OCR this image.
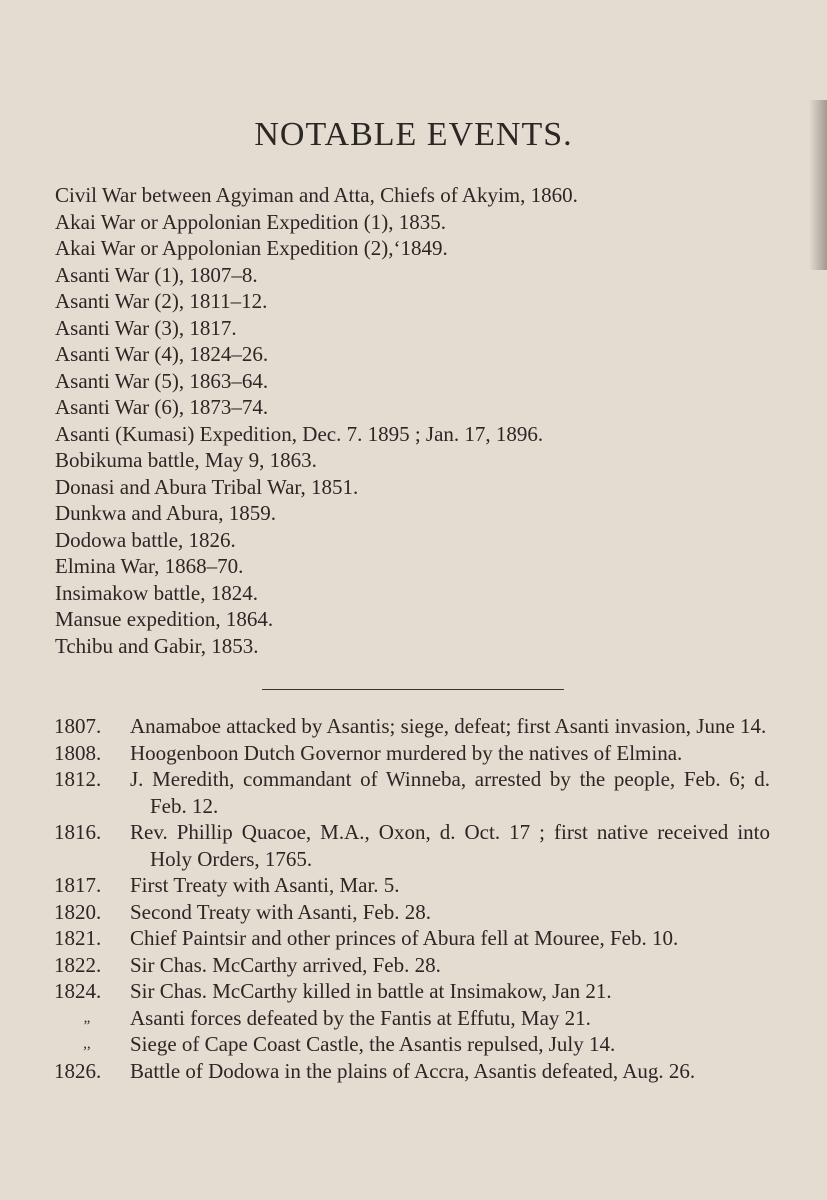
NOTABLE EVENTS.
Civil War between Agyiman and Atta, Chiefs of Akyim, 1860.
Akai War or Appolonian Expedition (1), 1835.
Akai War or Appolonian Expedition (2),‘1849.
Asanti War (1), 1807–8.
Asanti War (2), 1811–12.
Asanti War (3), 1817.
Asanti War (4), 1824–26.
Asanti War (5), 1863–64.
Asanti War (6), 1873–74.
Asanti (Kumasi) Expedition, Dec. 7. 1895 ; Jan. 17, 1896.
Bobikuma battle, May 9, 1863.
Donasi and Abura Tribal War, 1851.
Dunkwa and Abura, 1859.
Dodowa battle, 1826.
Elmina War, 1868–70.
Insimakow battle, 1824.
Mansue expedition, 1864.
Tchibu and Gabir, 1853.
1807.	Anamaboe attacked by Asantis; siege, defeat; first Asanti invasion, June 14.
1808.	Hoogenboon Dutch Governor murdered by the natives of Elmina.
1812.	J. Meredith, commandant of Winneba, arrested by the people, Feb. 6; d. Feb. 12.
1816.	Rev. Phillip Quacoe, M.A., Oxon, d. Oct. 17 ; first native received into Holy Orders, 1765.
1817.	First Treaty with Asanti, Mar. 5.
1820.	Second Treaty with Asanti, Feb. 28.
1821.	Chief Paintsir and other princes of Abura fell at Mouree, Feb. 10.
1822.	Sir Chas. McCarthy arrived, Feb. 28.
1824.	Sir Chas. McCarthy killed in battle at Insimakow, Jan 21.
„	Asanti forces defeated by the Fantis at Effutu, May 21.
,,	Siege of Cape Coast Castle, the Asantis repulsed, July 14.
1826.	Battle of Dodowa in the plains of Accra, Asantis defeated, Aug. 26.
